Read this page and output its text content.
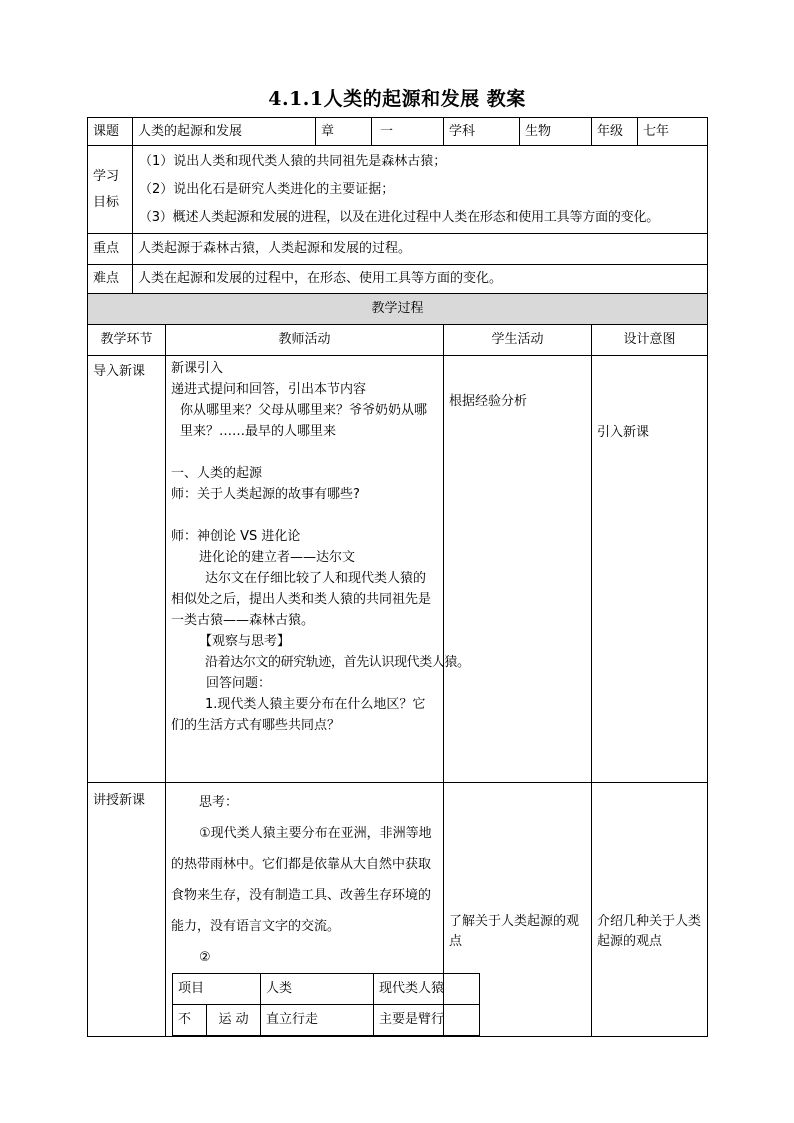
4.1.1人类的起源和发展 教案
课题	人类的起源和发展	章	一	学科	生物	年级	七年

学习
目标

（1）说出人类和现代类人猿的共同祖先是森林古猿；
（2）说出化石是研究人类进化的主要证据；
（3）概述人类起源和发展的进程，以及在进化过程中人类在形态和使用工具等方面的变化。

重点	人类起源于森林古猿，人类起源和发展的过程。
难点	人类在起源和发展的过程中，在形态、使用工具等方面的变化。
教学过程
教学环节	教师活动	学生活动	设计意图
导入新课	新课引入

递进式提问和回答，引出本节内容

你从哪里来？父母从哪里来？爷爷奶奶从哪里来？……最早的人哪里来

一、人类的起源

师：关于人类起源的故事有哪些?

师：神创论 VS 进化论

进化论的建立者——达尔文

达尔文在仔细比较了人和现代类人猿的相似处之后，提出人类和类人猿的共同祖先是一类古猿——森林古猿。

【观察与思考】

沿着达尔文的研究轨迹，首先认识现代类人猿。

回答问题：

1.现代类人猿主要分布在什么地区？它们的生活方式有哪些共同点？

	根据经验分析	引入新课
讲授新课	思考：

①现代类人猿主要分布在亚洲，非洲等地的热带雨林中。它们都是依靠从大自然中获取食物来生存，没有制造工具、改善生存环境的能力，没有语言文字的交流。

②

项目	人类	现代类人猿
不	运 动	直立行走	主要是臂行
	了解关于人类起源的观点	介绍几种关于人类起源的观点
